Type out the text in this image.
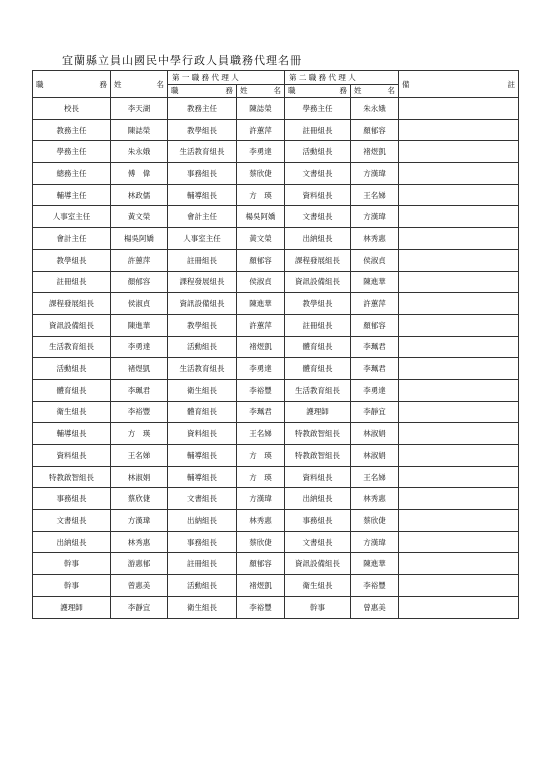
宜蘭縣立員山國民中學行政人員職務代理名冊
職 務	姓 名	第 一 職 務 代 理 人		第 二 職 務 代 理 人		備 註

		職 務	姓 名	職 務	姓 名	

校長	李天湖	教務主任	陳誌榮	學務主任	朱永娥	
教務主任	陳誌榮	教學組長	許蕙萍	註冊組長	顏郁容	
學務主任	朱永娥	生活教育組長	李勇達	活動組長	褚煜凱	
總務主任	傅　偉	事務組長	蔡欣倢	文書組長	方漢瑋	
輔導主任	林政儒	輔導組長	方　瑛	資料組長	王名娣	
人事室主任	黃文榮	會計主任	楊吳阿嬌	文書組長	方漢瑋	
會計主任	楊吳阿嬌	人事室主任	黃文榮	出納組長	林秀惠	
教學組長	許蕙萍	註冊組長	顏郁容	課程發展組長	侯淑貞	
註冊組長	顏郁容	課程發展組長	侯淑貞	資訊設備組長	陳進華	
課程發展組長	侯淑貞	資訊設備組長	陳進華	教學組長	許蕙萍	
資訊設備組長	陳進華	教學組長	許蕙萍	註冊組長	顏郁容	
生活教育組長	李勇達	活動組長	褚煜凱	體育組長	李珮君	
活動組長	褚煜凱	生活教育組長	李勇達	體育組長	李珮君	
體育組長	李珮君	衛生組長	李裕豐	生活教育組長	李勇達	
衛生組長	李裕豐	體育組長	李珮君	護理師	李靜宜	
輔導組長	方　瑛	資料組長	王名娣	特教啟智組長	林淑娟	
資料組長	王名娣	輔導組長	方　瑛	特教啟智組長	林淑娟	
特教啟智組長	林淑娟	輔導組長	方　瑛	資料組長	王名娣	
事務組長	蔡欣倢	文書組長	方漢瑋	出納組長	林秀惠	
文書組長	方漢瑋	出納組長	林秀惠	事務組長	蔡欣倢	
出納組長	林秀惠	事務組長	蔡欣倢	文書組長	方漢瑋	
幹事	游惠郁	註冊組長	顏郁容	資訊設備組長	陳進華	
幹事	曾惠美	活動組長	褚煜凱	衛生組長	李裕豐	
護理師	李靜宜	衛生組長	李裕豐	幹事	曾惠美	
